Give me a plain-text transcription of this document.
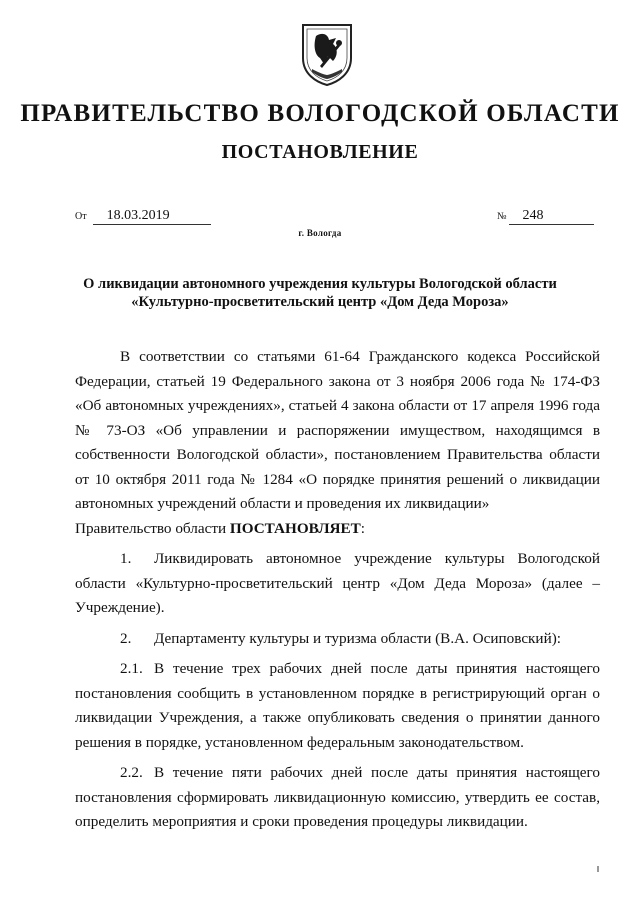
ПРАВИТЕЛЬСТВО ВОЛОГОДСКОЙ ОБЛАСТИ
ПОСТАНОВЛЕНИЕ
От 18.03.2019	№ 248
г. Вологда
О ликвидации автономного учреждения культуры Вологодской области
«Культурно-просветительский центр «Дом Деда Мороза»

В соответствии со статьями 61-64 Гражданского кодекса Российской Федерации, статьей 19 Федерального закона от 3 ноября 2006 года № 174-ФЗ «Об автономных учреждениях», статьей 4 закона области от 17 апреля 1996 года № 73-ОЗ «Об управлении и распоряжении имуществом, находящимся в собственности Вологодской области», постановлением Правительства области от 10 октября 2011 года № 1284 «О порядке принятия решений о ликвидации автономных учреждений области и проведения их ликвидации»

Правительство области ПОСТАНОВЛЯЕТ:

1. Ликвидировать автономное учреждение культуры Вологодской области «Культурно-просветительский центр «Дом Деда Мороза» (далее – Учреждение).

2. Департаменту культуры и туризма области (В.А. Осиповский):

2.1. В течение трех рабочих дней после даты принятия настоящего постановления сообщить в установленном порядке в регистрирующий орган о ликвидации Учреждения, а также опубликовать сведения о принятии данного решения в порядке, установленном федеральным законодательством.

2.2. В течение пяти рабочих дней после даты принятия настоящего постановления сформировать ликвидационную комиссию, утвердить ее состав, определить мероприятия и сроки проведения процедуры ликвидации.
